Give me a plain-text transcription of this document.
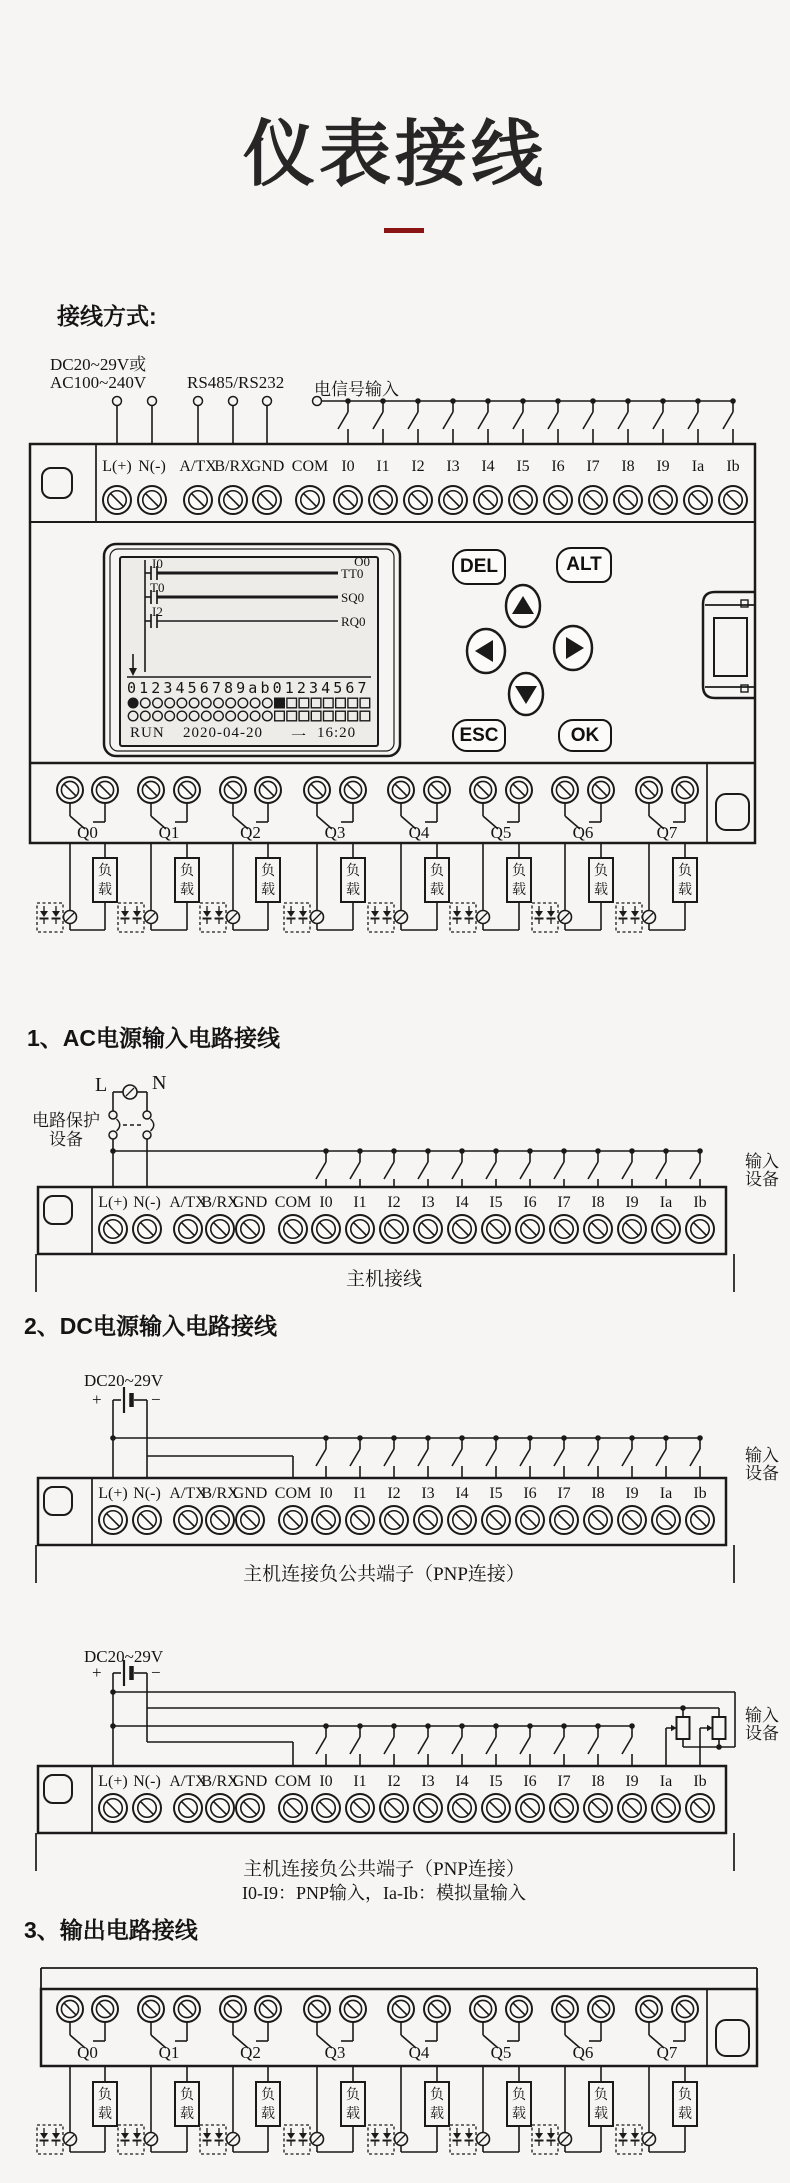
仪表接线
接线方式:
DC20~29V或
AC100~240V RS485/RS232 电信号输入
O0
I0
TT0
T0
SQ0
I2
RQ0
0123456789ab01234567
RUN 2020-04-20 一 16:20
DEL	ALT
ESC	OK
1、AC电源输入电路接线
L N
电路保护
设备
输入
设备
主机接线
2、DC电源输入电路接线
DC20~29V
+	−
输入
设备
主机连接负公共端子（PNP连接）
DC20~29V
+	−
输入
设备
主机连接负公共端子（PNP连接）
I0-I9：PNP输入，Ia-Ib：模拟量输入
3、输出电路接线
L(+) N(-) A/TX
B/RX
GND COM I0 I1 I2 I3 I4 I5 I6 I7 I8 I9 Ia Ib
Q0	Q1	Q2	Q3	Q4	Q5	Q6	Q7
负
载
负
载
负
载
负
载
负
载
负
载
负
载
负
载
L(+) N(-) A/TX
B/RX
GND COM I0 I1 I2 I3 I4 I5 I6 I7 I8 I9 Ia Ib
L(+) N(-) A/TX
B/RX
GND COM I0 I1 I2 I3 I4 I5 I6 I7 I8 I9 Ia Ib
L(+) N(-) A/TX
B/RX
GND COM I0 I1 I2 I3 I4 I5 I6 I7 I8 I9 Ia Ib
Q0	Q1	Q2	Q3	Q4	Q5	Q6	Q7
负
载
负
载
负
载
负
载
负
载
负
载
负
载
负
载
